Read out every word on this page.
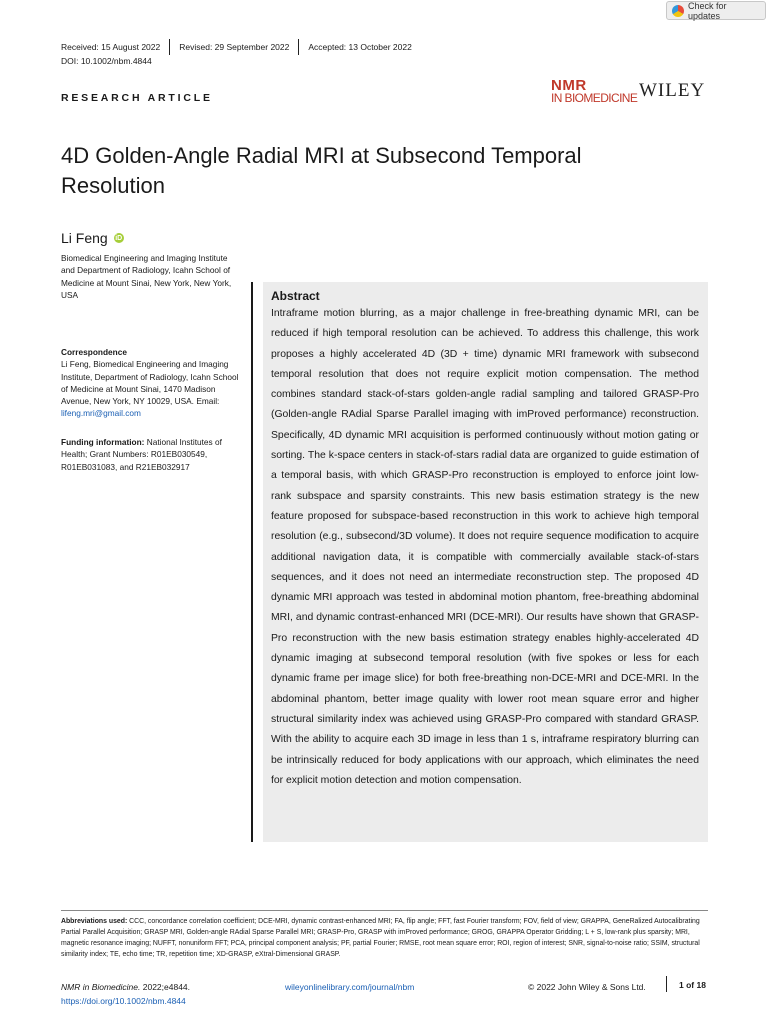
Check for updates
Received: 15 August 2022	Revised: 29 September 2022	Accepted: 13 October 2022
DOI: 10.1002/nbm.4844
NMR
IN BIOMEDICINE WILEY
RESEARCH ARTICLE
4D Golden-Angle Radial MRI at Subsecond Temporal Resolution
Li Feng iD
Biomedical Engineering and Imaging Institute and Department of Radiology, Icahn School of Medicine at Mount Sinai, New York, New York, USA
Correspondence
Li Feng, Biomedical Engineering and Imaging Institute, Department of Radiology, Icahn School of Medicine at Mount Sinai, 1470 Madison Avenue, New York, NY 10029, USA. Email: lifeng.mri@gmail.com
Funding information: National Institutes of Health; Grant Numbers: R01EB030549, R01EB031083, and R21EB032917
Abstract
Intraframe motion blurring, as a major challenge in free-breathing dynamic MRI, can be reduced if high temporal resolution can be achieved. To address this challenge, this work proposes a highly accelerated 4D (3D + time) dynamic MRI framework with subsecond temporal resolution that does not require explicit motion compensation. The method combines standard stack-of-stars golden-angle radial sampling and tailored GRASP-Pro (Golden-angle RAdial Sparse Parallel imaging with imProved performance) reconstruction. Specifically, 4D dynamic MRI acquisition is performed continuously without motion gating or sorting. The k-space centers in stack-of-stars radial data are organized to guide estimation of a temporal basis, with which GRASP-Pro reconstruction is employed to enforce joint low-rank subspace and sparsity constraints. This new basis estimation strategy is the new feature proposed for subspace-based reconstruction in this work to achieve high temporal resolution (e.g., subsecond/3D volume). It does not require sequence modification to acquire additional navigation data, it is compatible with commercially available stack-of-stars sequences, and it does not need an intermediate reconstruction step. The proposed 4D dynamic MRI approach was tested in abdominal motion phantom, free-breathing abdominal MRI, and dynamic contrast-enhanced MRI (DCE-MRI). Our results have shown that GRASP-Pro reconstruction with the new basis estimation strategy enables highly-accelerated 4D dynamic imaging at subsecond temporal resolution (with five spokes or less for each dynamic frame per image slice) for both free-breathing non-DCE-MRI and DCE-MRI. In the abdominal phantom, better image quality with lower root mean square error and higher structural similarity index was achieved using GRASP-Pro compared with standard GRASP. With the ability to acquire each 3D image in less than 1 s, intraframe respiratory blurring can be intrinsically reduced for body applications with our approach, which eliminates the need for explicit motion detection and motion compensation.
Abbreviations used: CCC, concordance correlation coefficient; DCE-MRI, dynamic contrast-enhanced MRI; FA, flip angle; FFT, fast Fourier transform; FOV, field of view; GRAPPA, GeneRalized Autocalibrating Partial Parallel Acquisition; GRASP MRI, Golden-angle RAdial Sparse Parallel MRI; GRASP-Pro, GRASP with imProved performance; GROG, GRAPPA Operator Gridding; L + S, low-rank plus sparsity; MRI, magnetic resonance imaging; NUFFT, nonuniform FFT; PCA, principal component analysis; PF, partial Fourier; RMSE, root mean square error; ROI, region of interest; SNR, signal-to-noise ratio; SSIM, structural similarity index; TE, echo time; TR, repetition time; XD-GRASP, eXtral-Dimensional GRASP.
NMR in Biomedicine. 2022;e4844.
https://doi.org/10.1002/nbm.4844
wileyonlinelibrary.com/journal/nbm	© 2022 John Wiley & Sons Ltd.	1 of 18
